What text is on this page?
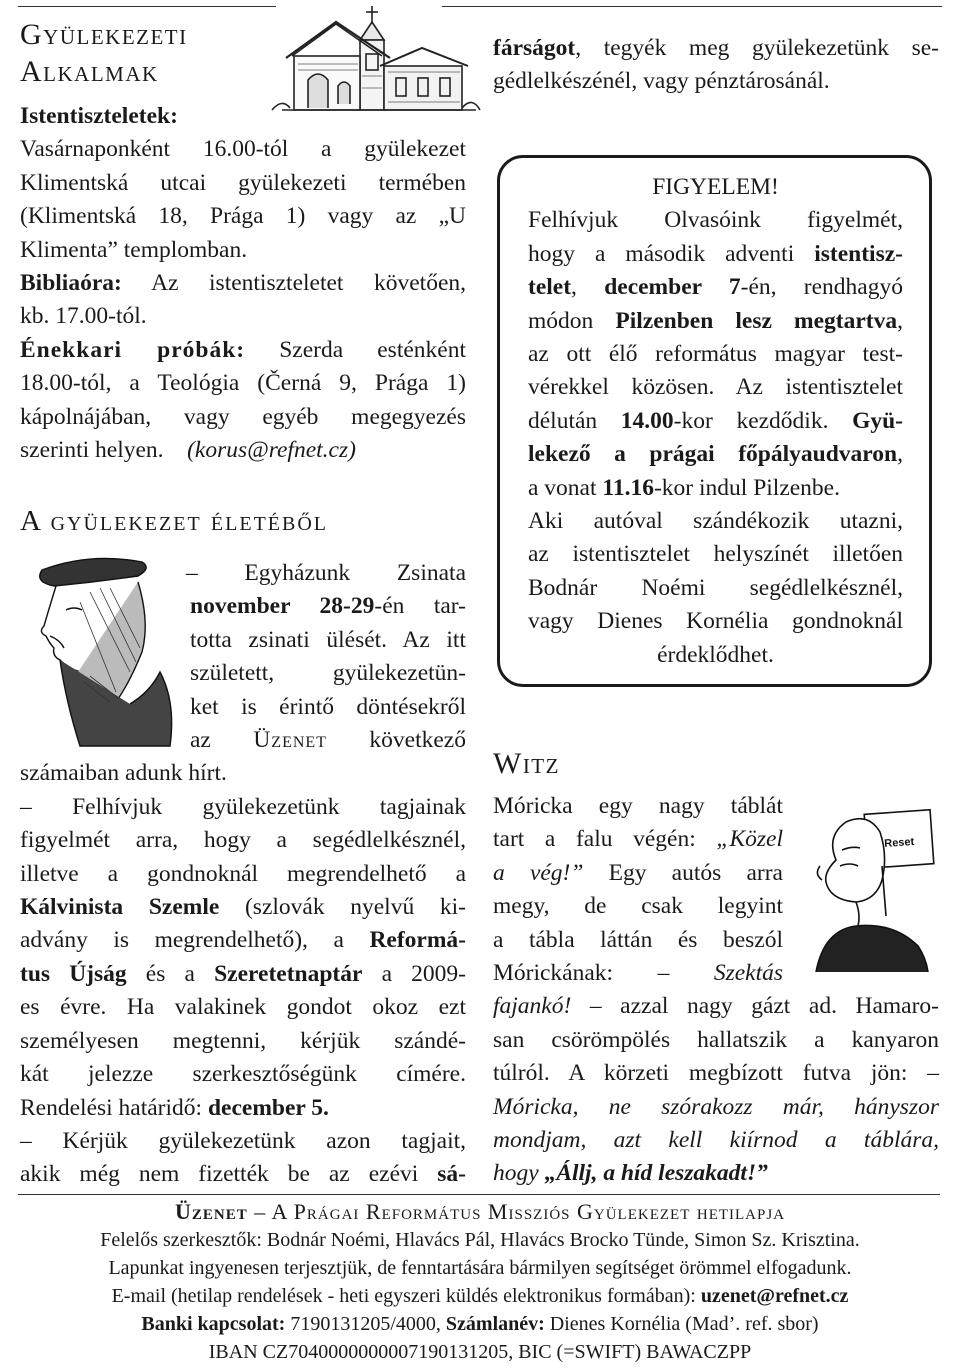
Gyülekezeti
Alkalmak
Istentiszteletek:
Vasárnaponként 16.00-tól a gyülekezet
Klimentská utcai gyülekezeti termében
(Klimentská 18, Prága 1) vagy az „U
Klimenta” templomban.
Bibliaóra: Az istentiszteletet követően,
kb. 17.00-tól.
Énekkari próbák: Szerda esténként
18.00-tól, a Teológia (Černá 9, Prága 1)
kápolnájában, vagy egyéb megegyezés
szerinti helyen. (korus@refnet.cz)
A gyülekezet életéből
– Egyházunk Zsinata
november 28-29-én tar-
totta zsinati ülését. Az itt
született, gyülekezetün-
ket is érintő döntésekről
az Üzenet következő
számaiban adunk hírt.
– Felhívjuk gyülekezetünk tagjainak
figyelmét arra, hogy a segédlelkésznél,
illetve a gondnoknál megrendelhető a
Kálvinista Szemle (szlovák nyelvű ki-
advány is megrendelhető), a Reformá-
tus Újság és a Szeretetnaptár a 2009-
es évre. Ha valakinek gondot okoz ezt
személyesen megtenni, kérjük szándé-
kát jelezze szerkesztőségünk címére.
Rendelési határidő: december 5.
– Kérjük gyülekezetünk azon tagjait,
akik még nem fizették be az ezévi sá-
fárságot, tegyék meg gyülekezetünk se-
gédlelkészénél, vagy pénztárosánál.
FIGYELEM!
Felhívjuk Olvasóink figyelmét,
hogy a második adventi istentisz-
telet, december 7-én, rendhagyó
módon Pilzenben lesz megtartva,
az ott élő református magyar test-
vérekkel közösen. Az istentisztelet
délután 14.00-kor kezdődik. Gyü-
lekező a prágai főpályaudvaron,
a vonat 11.16-kor indul Pilzenbe.
Aki autóval szándékozik utazni,
az istentisztelet helyszínét illetően
Bodnár Noémi segédlelkésznél,
vagy Dienes Kornélia gondnoknál
érdeklődhet.
Witz
Reset
Móricka egy nagy táblát
tart a falu végén: „Közel
a vég!” Egy autós arra
megy, de csak legyint
a tábla láttán és beszól
Mórickának: – Szektás
fajankó! – azzal nagy gázt ad. Hamaro-
san csörömpölés hallatszik a kanyaron
túlról. A körzeti megbízott futva jön: –
Móricka, ne szórakozz már, hányszor
mondjam, azt kell kiírnod a táblára,
hogy „Állj, a híd leszakadt!”
Üzenet – A Prágai Református Missziós Gyülekezet hetilapja
Felelős szerkesztők: Bodnár Noémi, Hlavács Pál, Hlavács Brocko Tünde, Simon Sz. Krisztina.
Lapunkat ingyenesen terjesztjük, de fenntartására bármilyen segítséget örömmel elfogadunk.
E-mail (hetilap rendelések - heti egyszeri küldés elektronikus formában): uzenet@refnet.cz
Banki kapcsolat: 7190131205/4000, Számlanév: Dienes Kornélia (Mad’. ref. sbor)
IBAN CZ7040000000007190131205, BIC (=SWIFT) BAWACZPP
